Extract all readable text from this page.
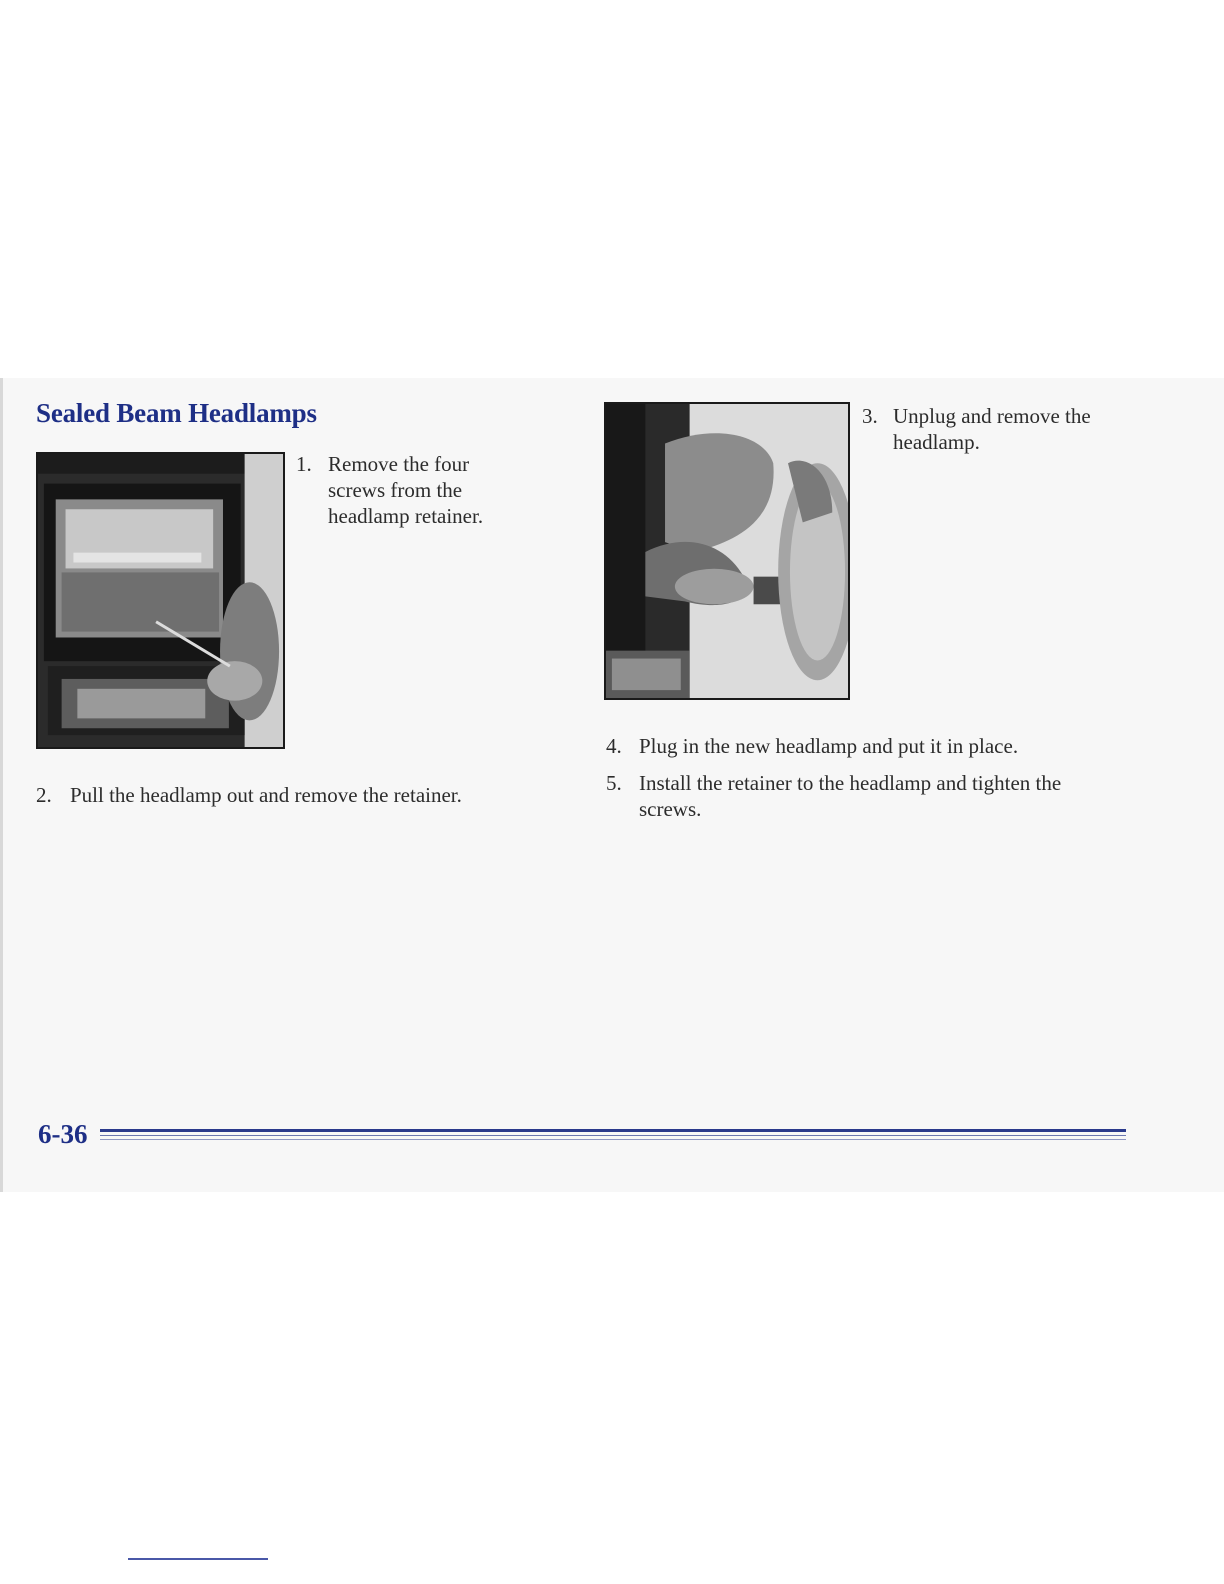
Sealed Beam Headlamps
1. Remove the four screws from the headlamp retainer.
2. Pull the headlamp out and remove the retainer.
3. Unplug and remove the headlamp.
4. Plug in the new headlamp and put it in place.
5. Install the retainer to the headlamp and tighten the screws.
6-36
